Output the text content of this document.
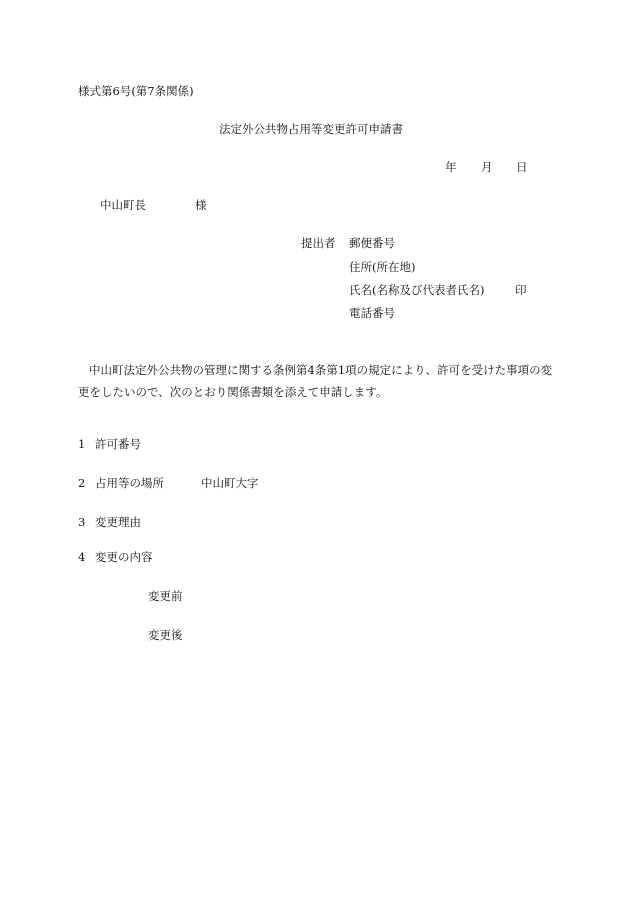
様式第6号(第7条関係)
法定外公共物占用等変更許可申請書
年 月 日
中山町長	様
提出者 郵便番号
住所(所在地)
氏名(名称及び代表者氏名)	印
電話番号
中山町法定外公共物の管理に関する条例第4条第1項の規定により、許可を受けた事項の変更をしたいので、次のとおり関係書類を添えて申請します。
1 許可番号
2 占用等の場所	中山町大字
3 変更理由
4 変更の内容
変更前
変更後
